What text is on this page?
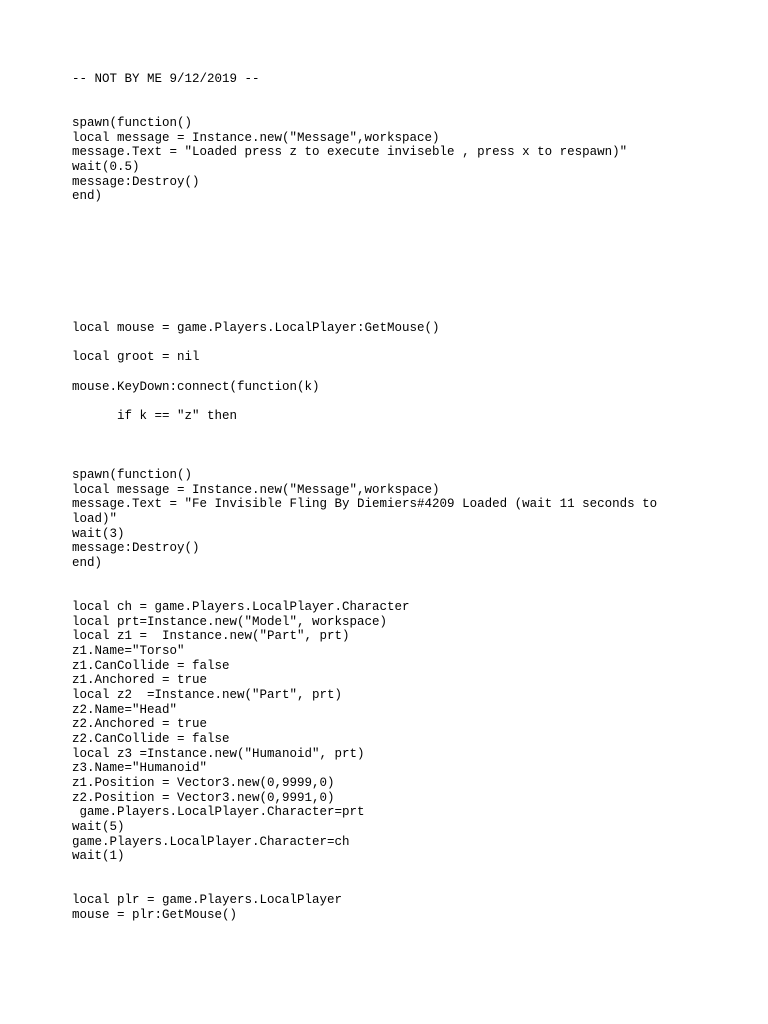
-- NOT BY ME 9/12/2019 --

spawn(function()

local message = Instance.new("Message",workspace)

message.Text = "Loaded press z to execute inviseble , press x to respawn)"

wait(0.5)

message:Destroy()

end)

local mouse = game.Players.LocalPlayer:GetMouse()

local groot = nil

mouse.KeyDown:connect(function(k)

if k == "z" then

spawn(function()

local message = Instance.new("Message",workspace)

message.Text = "Fe Invisible Fling By Diemiers#4209 Loaded (wait 11 seconds to

load)"

wait(3)

message:Destroy()

end)

local ch = game.Players.LocalPlayer.Character

local prt=Instance.new("Model", workspace)

local z1 =  Instance.new("Part", prt)

z1.Name="Torso"

z1.CanCollide = false

z1.Anchored = true

local z2  =Instance.new("Part", prt)

z2.Name="Head"

z2.Anchored = true

z2.CanCollide = false

local z3 =Instance.new("Humanoid", prt)

z3.Name="Humanoid"

z1.Position = Vector3.new(0,9999,0)

z2.Position = Vector3.new(0,9991,0)

game.Players.LocalPlayer.Character=prt

wait(5)

game.Players.LocalPlayer.Character=ch

wait(1)

local plr = game.Players.LocalPlayer

mouse = plr:GetMouse()
